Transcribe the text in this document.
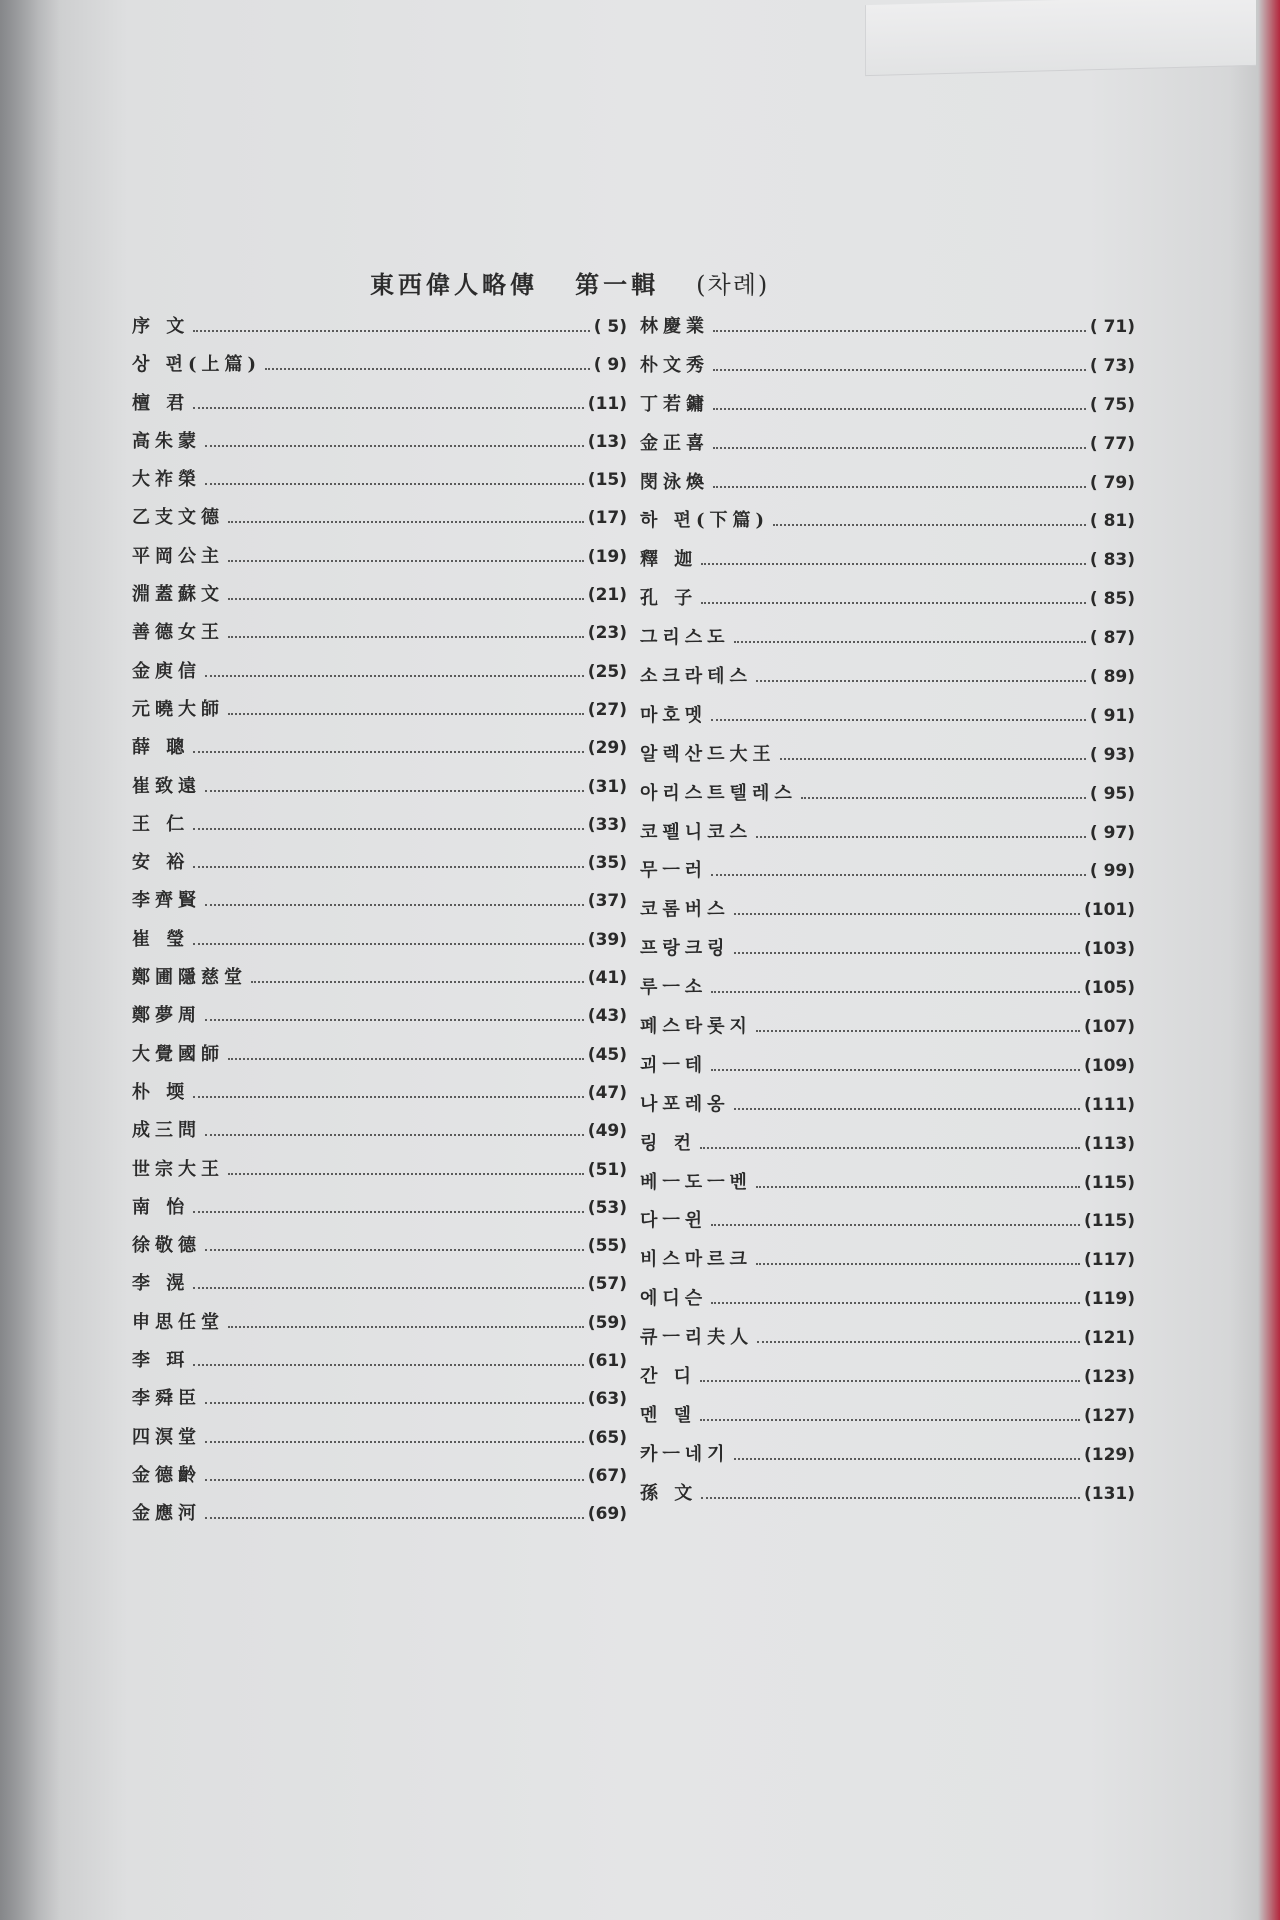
東西偉人略傳 第一輯 (차례)
序 文	( 5)
상 편(上篇)	( 9)
檀 君	(11)
高朱蒙	(13)
大祚榮	(15)
乙支文德	(17)
平岡公主	(19)
淵蓋蘇文	(21)
善德女王	(23)
金庾信	(25)
元曉大師	(27)
薛 聰	(29)
崔致遠	(31)
王 仁	(33)
安 裕	(35)
李齊賢	(37)
崔 瑩	(39)
鄭圃隱慈堂	(41)
鄭夢周	(43)
大覺國師	(45)
朴 堧	(47)
成三問	(49)
世宗大王	(51)
南 怡	(53)
徐敬德	(55)
李 滉	(57)
申思任堂	(59)
李 珥	(61)
李舜臣	(63)
四溟堂	(65)
金德齡	(67)
金應河	(69)
林慶業	( 71)
朴文秀	( 73)
丁若鏞	( 75)
金正喜	( 77)
閔泳煥	( 79)
하 편(下篇)	( 81)
釋 迦	( 83)
孔 子	( 85)
그리스도	( 87)
소크라테스	( 89)
마호멧	( 91)
알렉산드大王	( 93)
아리스트텔레스	( 95)
코펠니코스	( 97)
무ㅡ러	( 99)
코롬버스	(101)
프랑크링	(103)
루ㅡ소	(105)
페스타롯지	(107)
괴ㅡ테	(109)
나포레옹	(111)
링 컨	(113)
베ㅡ도ㅡ벤	(115)
다ㅡ윈	(115)
비스마르크	(117)
에디슨	(119)
큐ㅡ리夫人	(121)
간 디	(123)
멘 델	(127)
카ㅡ네기	(129)
孫 文	(131)
